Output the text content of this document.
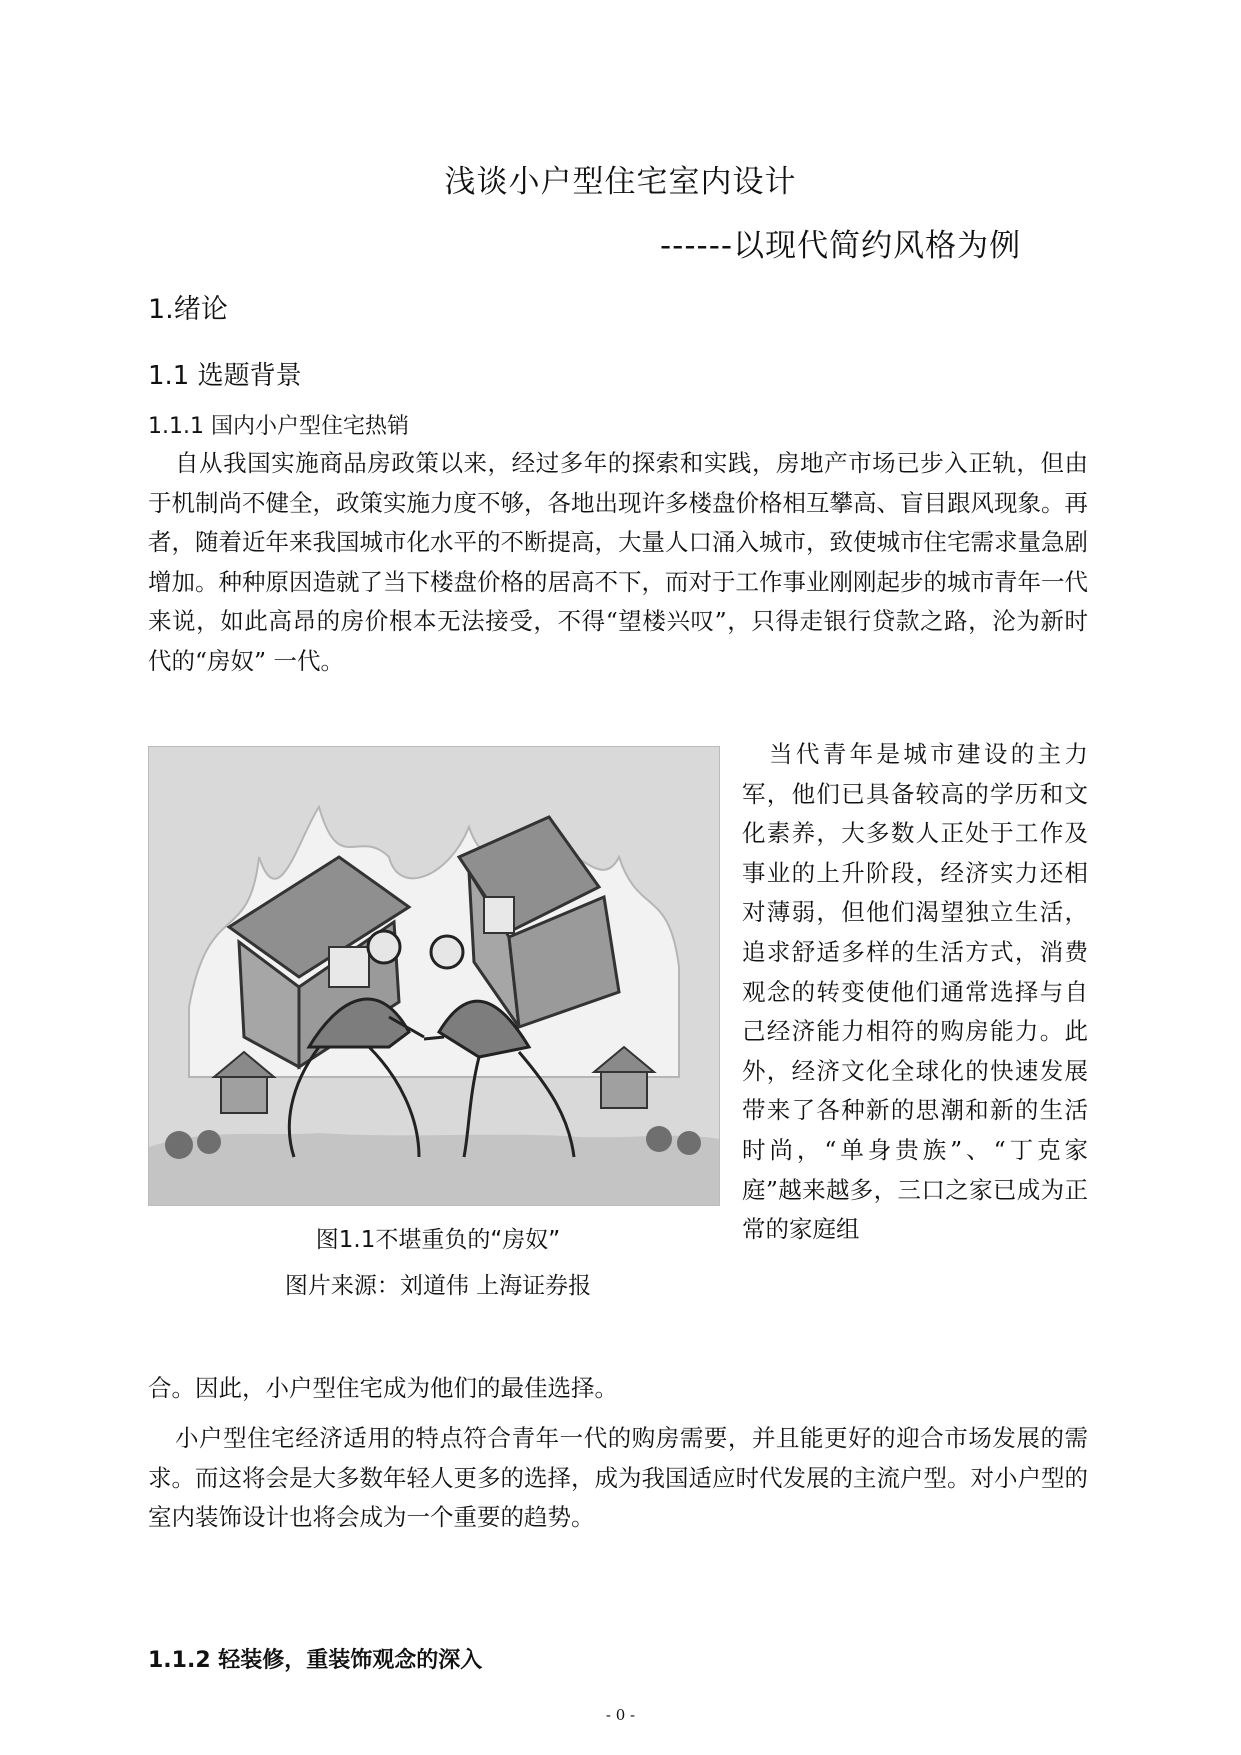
浅谈小户型住宅室内设计
------以现代简约风格为例
1.绪论
1.1 选题背景
1.1.1 国内小户型住宅热销

自从我国实施商品房政策以来，经过多年的探索和实践，房地产市场已步入正轨，但由于机制尚不健全，政策实施力度不够，各地出现许多楼盘价格相互攀高、盲目跟风现象。再者，随着近年来我国城市化水平的不断提高，大量人口涌入城市，致使城市住宅需求量急剧增加。种种原因造就了当下楼盘价格的居高不下，而对于工作事业刚刚起步的城市青年一代来说，如此高昂的房价根本无法接受，不得“望楼兴叹”，只得走银行贷款之路，沦为新时代的“房奴” 一代。

图1.1不堪重负的“房奴”
图片来源：刘道伟 上海证券报

当代青年是城市建设的主力军，他们已具备较高的学历和文化素养，大多数人正处于工作及事业的上升阶段，经济实力还相对薄弱，但他们渴望独立生活，追求舒适多样的生活方式，消费观念的转变使他们通常选择与自己经济能力相符的购房能力。此外，经济文化全球化的快速发展带来了各种新的思潮和新的生活时尚，“单身贵族”、“丁克家庭”越来越多，三口之家已成为正常的家庭组

合。因此，小户型住宅成为他们的最佳选择。

小户型住宅经济适用的特点符合青年一代的购房需要，并且能更好的迎合市场发展的需求。而这将会是大多数年轻人更多的选择，成为我国适应时代发展的主流户型。对小户型的室内装饰设计也将会成为一个重要的趋势。

1.1.2 轻装修，重装饰观念的深入
- 0 -
